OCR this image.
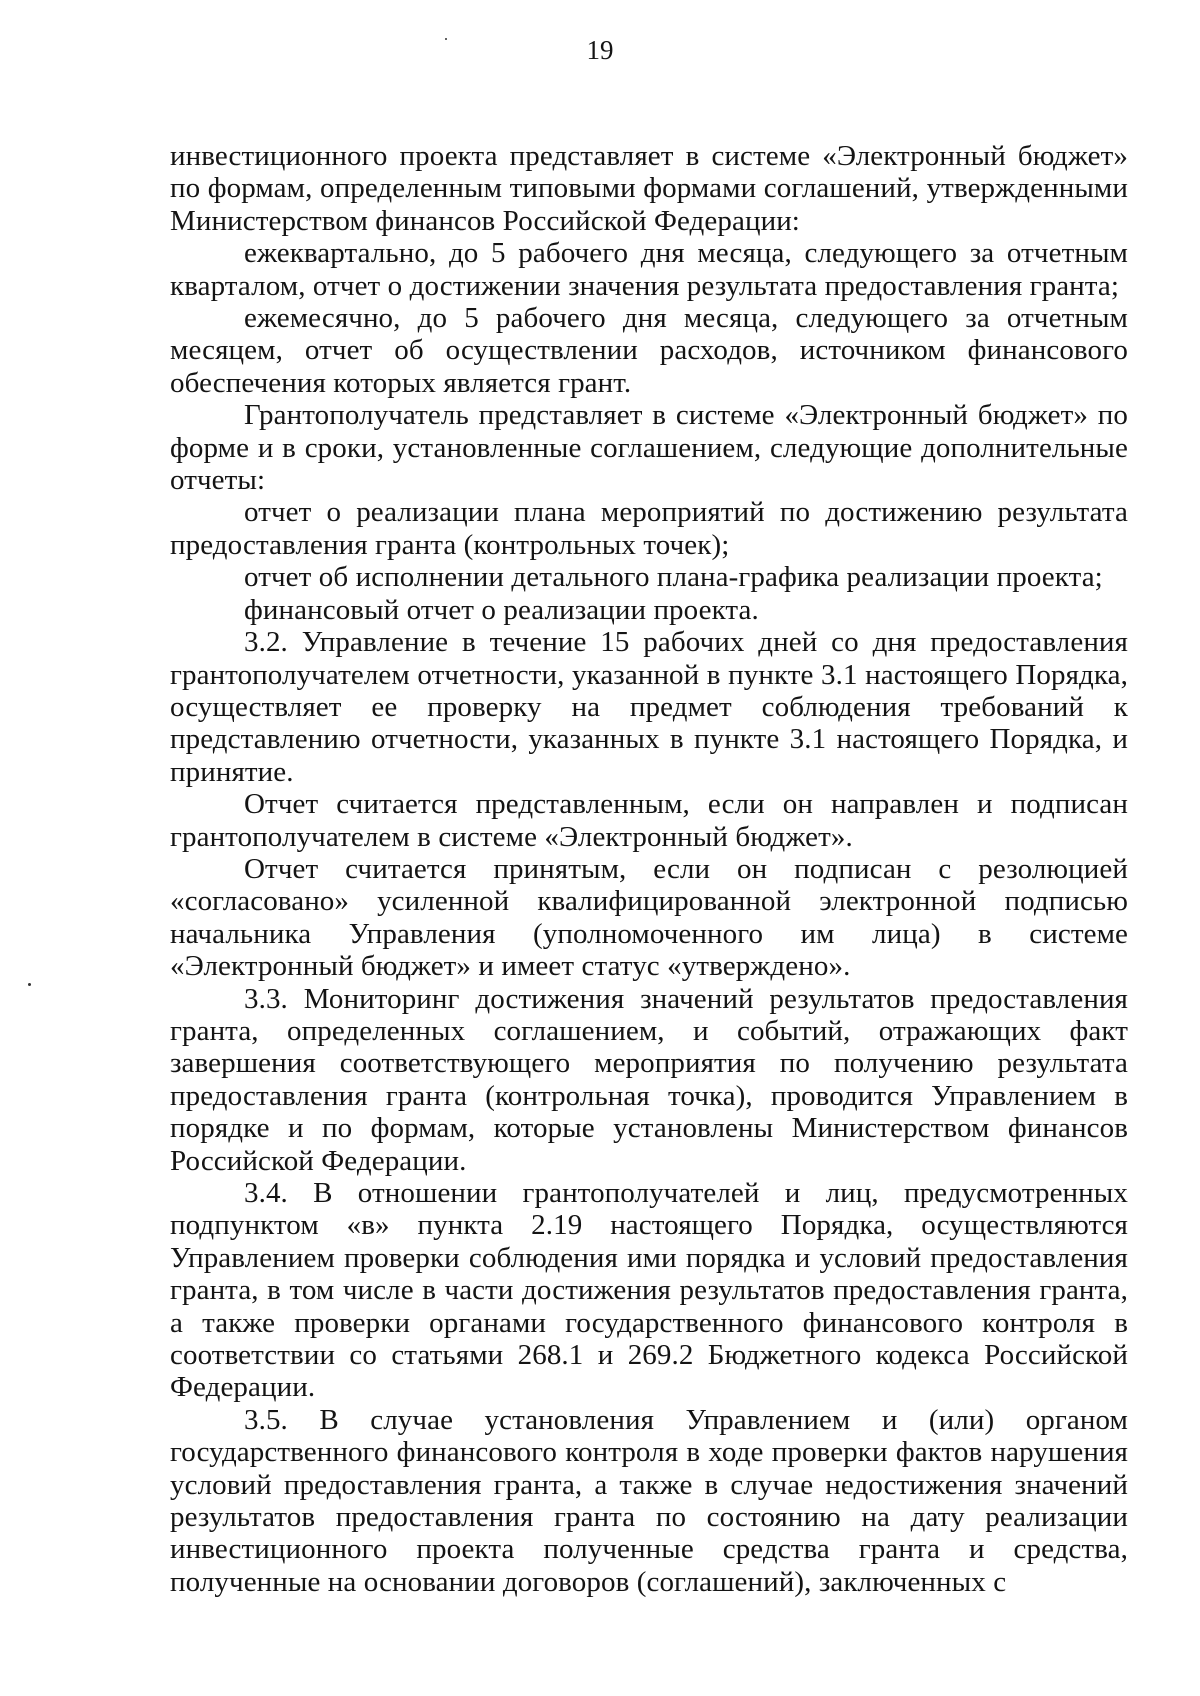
19

инвестиционного проекта представляет в системе «Электронный бюджет» по формам, определенным типовыми формами соглашений, утвержденными Министерством финансов Российской Федерации:

ежеквартально, до 5 рабочего дня месяца, следующего за отчетным кварталом, отчет о достижении значения результата предоставления гранта;

ежемесячно, до 5 рабочего дня месяца, следующего за отчетным месяцем, отчет об осуществлении расходов, источником финансового обеспечения которых является грант.

Грантополучатель представляет в системе «Электронный бюджет» по форме и в сроки, установленные соглашением, следующие дополнительные отчеты:

отчет о реализации плана мероприятий по достижению результата предоставления гранта (контрольных точек);

отчет об исполнении детального плана-графика реализации проекта;

финансовый отчет о реализации проекта.

3.2. Управление в течение 15 рабочих дней со дня предоставления грантополучателем отчетности, указанной в пункте 3.1 настоящего Порядка, осуществляет ее проверку на предмет соблюдения требований к представлению отчетности, указанных в пункте 3.1 настоящего Порядка, и принятие.

Отчет считается представленным, если он направлен и подписан грантополучателем в системе «Электронный бюджет».

Отчет считается принятым, если он подписан с резолюцией «согласовано» усиленной квалифицированной электронной подписью начальника Управления (уполномоченного им лица) в системе «Электронный бюджет» и имеет статус «утверждено».

3.3. Мониторинг достижения значений результатов предоставления гранта, определенных соглашением, и событий, отражающих факт завершения соответствующего мероприятия по получению результата предоставления гранта (контрольная точка), проводится Управлением в порядке и по формам, которые установлены Министерством финансов Российской Федерации.

3.4. В отношении грантополучателей и лиц, предусмотренных подпунктом «в» пункта 2.19 настоящего Порядка, осуществляются Управлением проверки соблюдения ими порядка и условий предоставления гранта, в том числе в части достижения результатов предоставления гранта, а также проверки органами государственного финансового контроля в соответствии со статьями 268.1 и 269.2 Бюджетного кодекса Российской Федерации.

3.5. В случае установления Управлением и (или) органом государственного финансового контроля в ходе проверки фактов нарушения условий предоставления гранта, а также в случае недостижения значений результатов предоставления гранта по состоянию на дату реализации инвестиционного проекта полученные средства гранта и средства, полученные на основании договоров (соглашений), заключенных с
